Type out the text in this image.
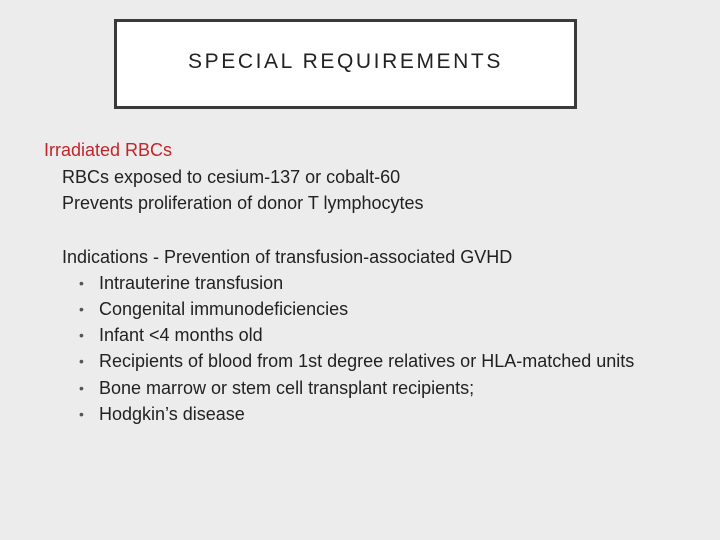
SPECIAL REQUIREMENTS
Irradiated RBCs
RBCs exposed to cesium-137 or cobalt-60
Prevents proliferation of donor T lymphocytes
Indications - Prevention of transfusion-associated GVHD
• Intrauterine transfusion
• Congenital immunodeficiencies
• Infant <4 months old
• Recipients of blood from 1st degree relatives or HLA-matched units
• Bone marrow or stem cell transplant recipients;
• Hodgkin’s disease
